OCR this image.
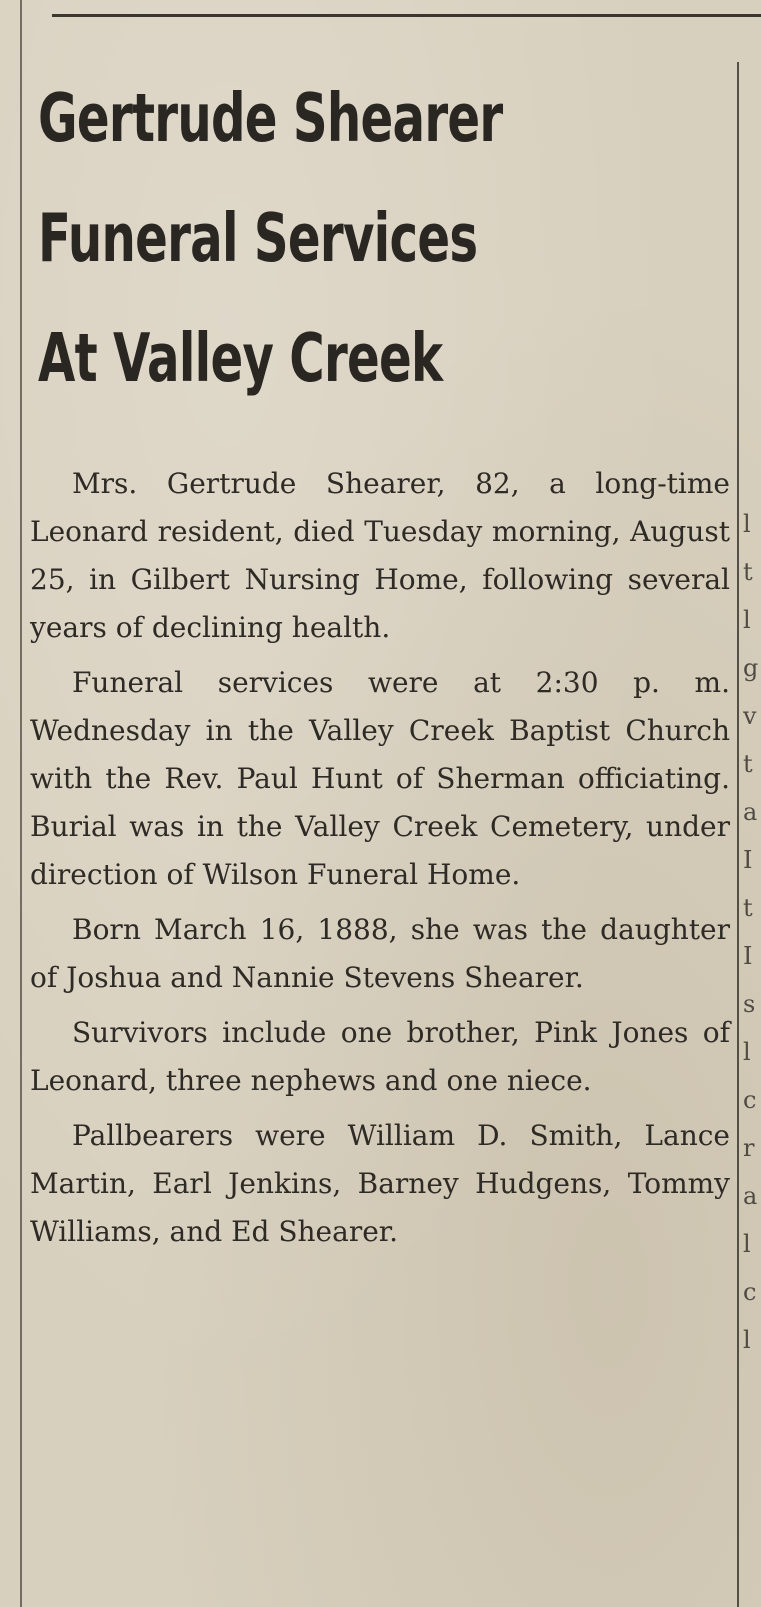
l t l g v t a I t I s l c r a l c l
Gertrude Shearer
Funeral Services
At Valley Creek

Mrs. Gertrude Shearer, 82, a long-time Leonard resident, died Tuesday morning, August 25, in Gilbert Nursing Home, following several years of declining health.

Funeral services were at 2:30 p. m. Wednesday in the Valley Creek Baptist Church with the Rev. Paul Hunt of Sherman officiating. Burial was in the Valley Creek Cemetery, under direction of Wilson Funeral Home.

Born March 16, 1888, she was the daughter of Joshua and Nannie Stevens Shearer.

Survivors include one brother, Pink Jones of Leonard, three nephews and one niece.

Pallbearers were William D. Smith, Lance Martin, Earl Jenkins, Barney Hudgens, Tommy Williams, and Ed Shearer.
